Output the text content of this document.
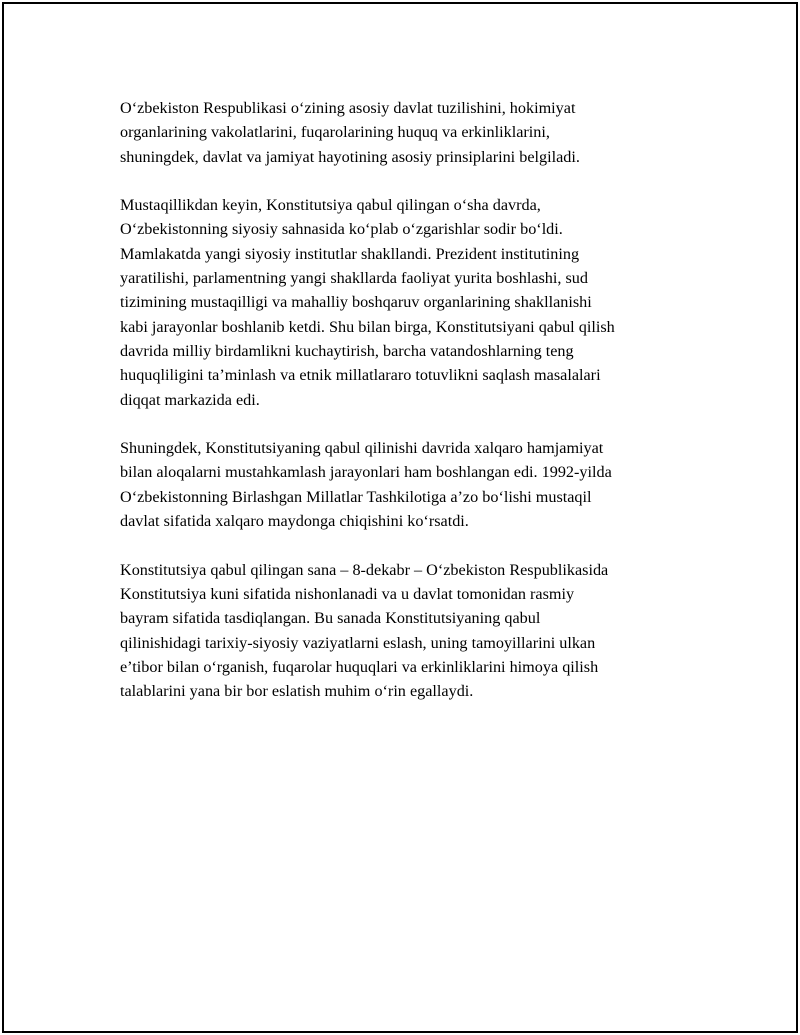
O‘zbekiston Respublikasi o‘zining asosiy davlat tuzilishini, hokimiyat
organlarining vakolatlarini, fuqarolarining huquq va erkinliklarini,
shuningdek, davlat va jamiyat hayotining asosiy prinsiplarini belgiladi.

Mustaqillikdan keyin, Konstitutsiya qabul qilingan o‘sha davrda,
O‘zbekistonning siyosiy sahnasida ko‘plab o‘zgarishlar sodir bo‘ldi.
Mamlakatda yangi siyosiy institutlar shakllandi. Prezident institutining
yaratilishi, parlamentning yangi shakllarda faoliyat yurita boshlashi, sud
tizimining mustaqilligi va mahalliy boshqaruv organlarining shakllanishi
kabi jarayonlar boshlanib ketdi. Shu bilan birga, Konstitutsiyani qabul qilish
davrida milliy birdamlikni kuchaytirish, barcha vatandoshlarning teng
huquqliligini ta’minlash va etnik millatlararo totuvlikni saqlash masalalari
diqqat markazida edi.

Shuningdek, Konstitutsiyaning qabul qilinishi davrida xalqaro hamjamiyat
bilan aloqalarni mustahkamlash jarayonlari ham boshlangan edi. 1992-yilda
O‘zbekistonning Birlashgan Millatlar Tashkilotiga a’zo bo‘lishi mustaqil
davlat sifatida xalqaro maydonga chiqishini ko‘rsatdi.

Konstitutsiya qabul qilingan sana – 8-dekabr – O‘zbekiston Respublikasida
Konstitutsiya kuni sifatida nishonlanadi va u davlat tomonidan rasmiy
bayram sifatida tasdiqlangan. Bu sanada Konstitutsiyaning qabul
qilinishidagi tarixiy-siyosiy vaziyatlarni eslash, uning tamoyillarini ulkan
e’tibor bilan o‘rganish, fuqarolar huquqlari va erkinliklarini himoya qilish
talablarini yana bir bor eslatish muhim o‘rin egallaydi.
